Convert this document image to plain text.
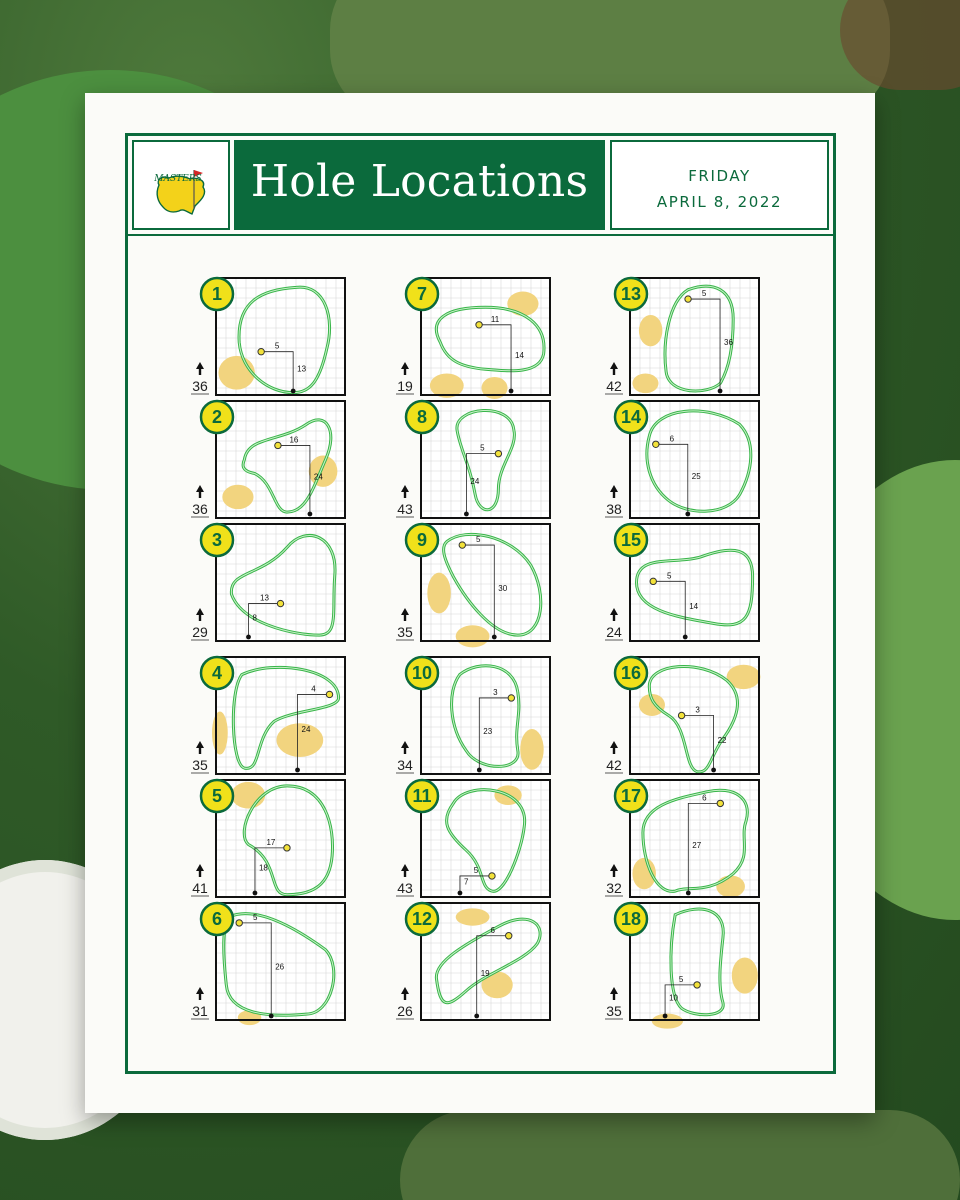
MASTERS	Hole Locations	FRIDAY
APRIL 8, 2022
5
13
1
36
16
24
2
36
13
8
3
29
4
24
4
35
17
18
5
41
5
26
6
31
11
14
7
19
5
24
8
43
5
30
9
35
3
23
10
34
5
7
11
43
6
19
12
26
5
36
13
42
6
25
14
38
5
14
15
24
3
22
16
42
6
27
17
32
5
10
18
35
